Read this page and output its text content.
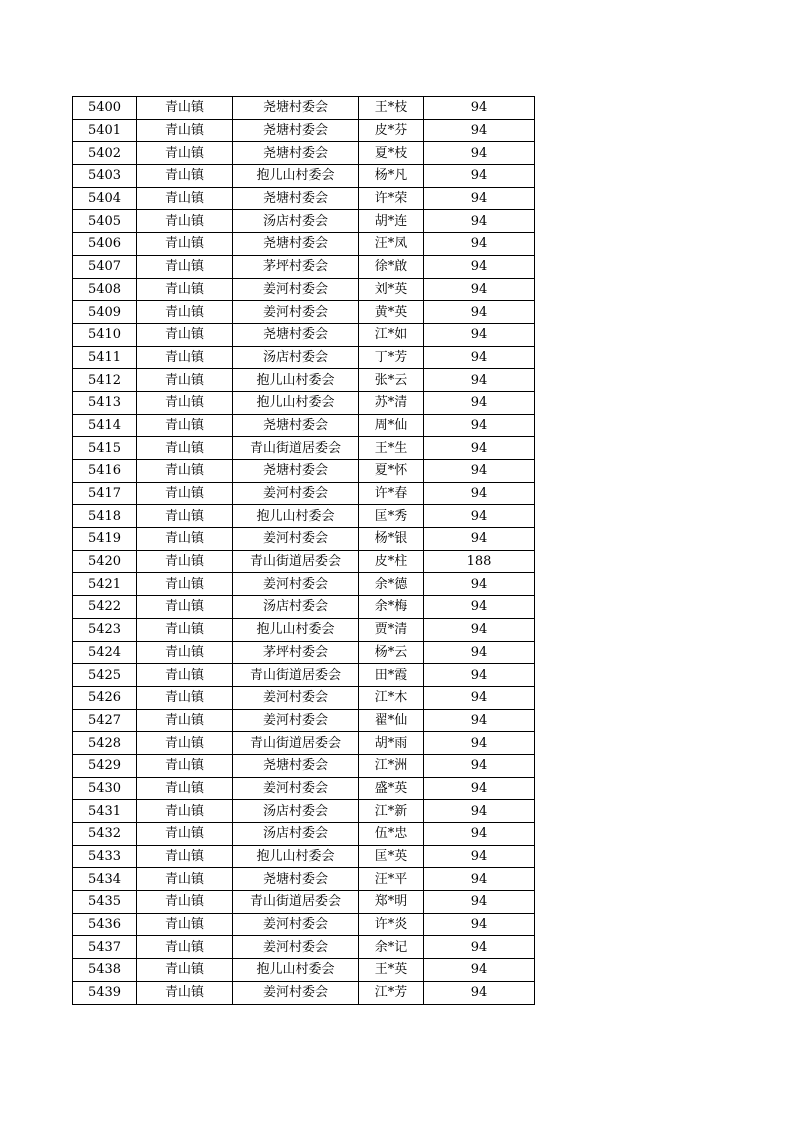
5400	青山镇	尧塘村委会	王*枝	94
5401	青山镇	尧塘村委会	皮*芬	94
5402	青山镇	尧塘村委会	夏*枝	94
5403	青山镇	抱儿山村委会	杨*凡	94
5404	青山镇	尧塘村委会	许*荣	94
5405	青山镇	汤店村委会	胡*连	94
5406	青山镇	尧塘村委会	汪*凤	94
5407	青山镇	茅坪村委会	徐*啟	94
5408	青山镇	姜河村委会	刘*英	94
5409	青山镇	姜河村委会	黄*英	94
5410	青山镇	尧塘村委会	江*如	94
5411	青山镇	汤店村委会	丁*芳	94
5412	青山镇	抱儿山村委会	张*云	94
5413	青山镇	抱儿山村委会	苏*清	94
5414	青山镇	尧塘村委会	周*仙	94
5415	青山镇	青山街道居委会	王*生	94
5416	青山镇	尧塘村委会	夏*怀	94
5417	青山镇	姜河村委会	许*春	94
5418	青山镇	抱儿山村委会	匡*秀	94
5419	青山镇	姜河村委会	杨*银	94
5420	青山镇	青山街道居委会	皮*柱	188
5421	青山镇	姜河村委会	余*德	94
5422	青山镇	汤店村委会	余*梅	94
5423	青山镇	抱儿山村委会	贾*清	94
5424	青山镇	茅坪村委会	杨*云	94
5425	青山镇	青山街道居委会	田*霞	94
5426	青山镇	姜河村委会	江*木	94
5427	青山镇	姜河村委会	翟*仙	94
5428	青山镇	青山街道居委会	胡*雨	94
5429	青山镇	尧塘村委会	江*洲	94
5430	青山镇	姜河村委会	盛*英	94
5431	青山镇	汤店村委会	江*新	94
5432	青山镇	汤店村委会	伍*忠	94
5433	青山镇	抱儿山村委会	匡*英	94
5434	青山镇	尧塘村委会	汪*平	94
5435	青山镇	青山街道居委会	郑*明	94
5436	青山镇	姜河村委会	许*炎	94
5437	青山镇	姜河村委会	余*记	94
5438	青山镇	抱儿山村委会	王*英	94
5439	青山镇	姜河村委会	江*芳	94
